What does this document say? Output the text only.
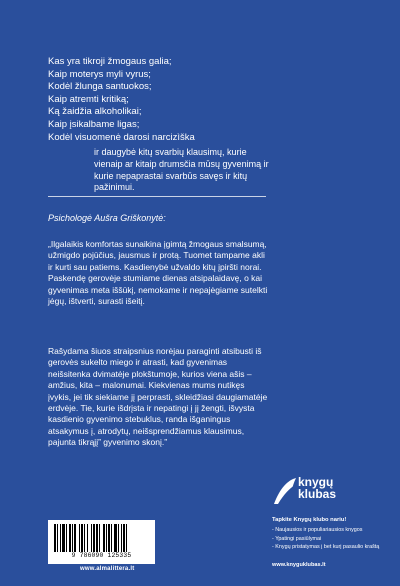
Kas yra tikroji žmogaus galia;
Kaip moterys myli vyrus;
Kodėl žlunga santuokos;
Kaip atremti kritiką;
Ką žaidžia alkoholikai;
Kaip įsikalbame ligas;
Kodėl visuomenė darosi narcizìška
ir daugybė kitų svarbių klausimų, kurie vienaip ar kitaip drumsčia mūsų gyvenimą ir kurie nepaprastai svarbūs savęs ir kitų pažinimui.
Psichologė Aušra Griškonytė:
„Ilgalaikis komfortas sunaikina įgimtą žmogaus smalsumą, užmigdo pojūčius, jausmus ir protą. Tuomet tampame akli ir kurti sau patiems. Kasdienybė užvaldo kitų įpiršti norai. Paskendę gerovėje stumiame dienas atsipalaidavę, o kai gyvenimas meta iššūkį, nemokame ir nepajėgiame sutelkti jėgų, ištverti, surasti išeitį.
Rašydama šiuos straipsnius norėjau paraginti atsibusti iš gerovės sukelto miego ir atrasti, kad gyvenimas neišsitenka dvimatėje plokštumoje, kurios viena ašis – amžius, kita – malonumai. Kiekvienas mums nutikęs įvykis, jei tik siekiame jį perprasti, skleidžiasi daugiamatėje erdvėje. Tie, kurie išdrįsta ir nepatingi į jį žengti, išvysta kasdienio gyvenimo stebuklus, randa išganingus atsakymus į, atrodytų, neišsprendžiamus klausimus, pajunta tikrąjį” gyvenimo skonį.”
9 786090 125335
www.almalittera.lt
knygų
klubas
Tapkite Knygų klubo nariu!
- Naujausios ir populiariausios knygos
- Ypatingi pasiūlymai
- Knygų pristatymas į bet kurį pasaulio kraštą
www.knyguklubas.lt
